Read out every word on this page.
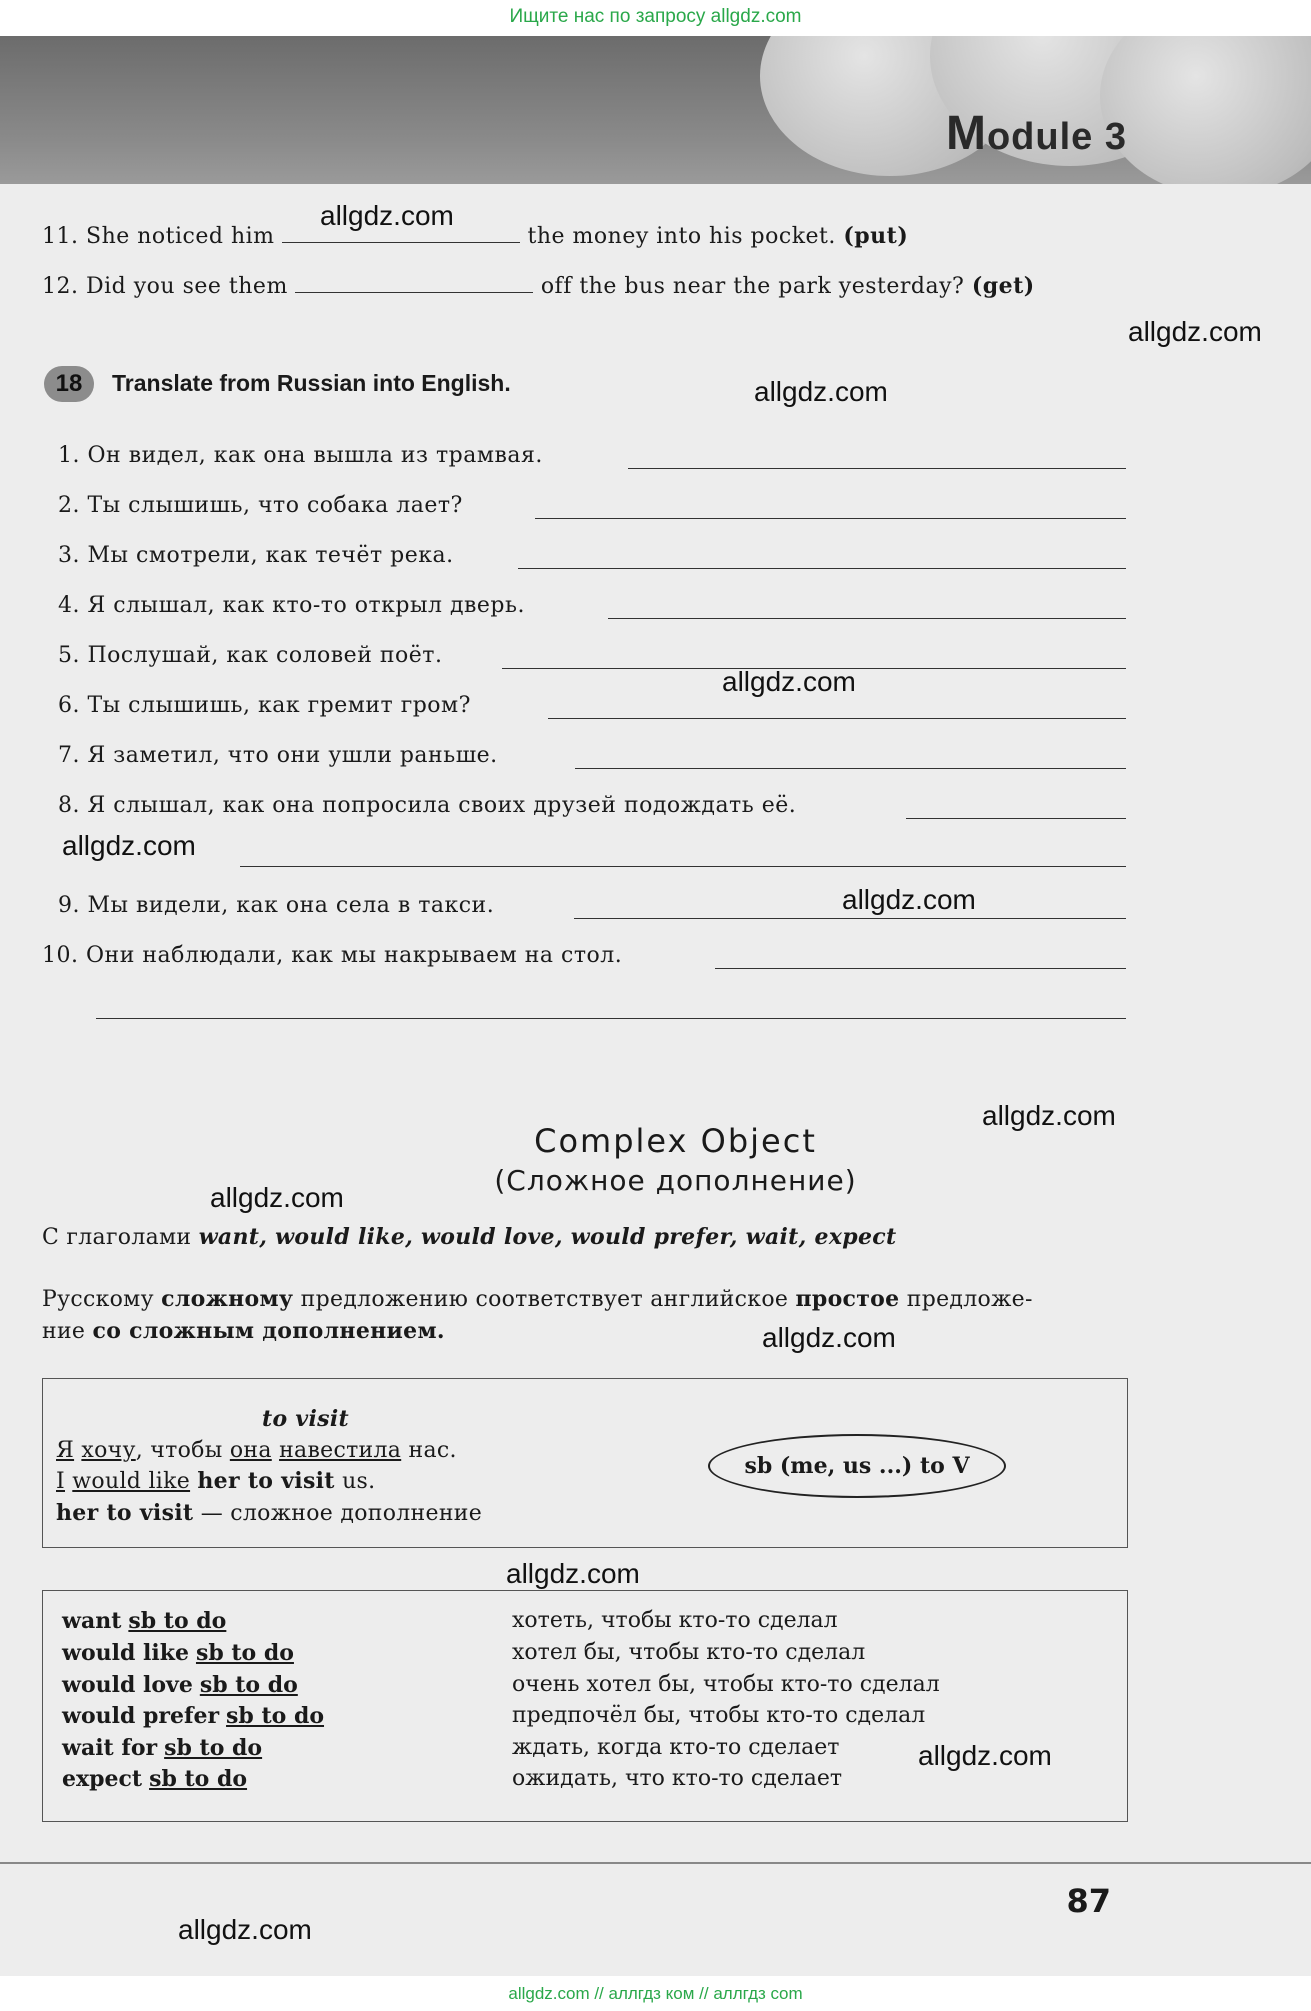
Ищите нас по запросу allgdz.com
Module 3
11. She noticed him	the money into his pocket. (put)
12. Did you see them	off the bus near the park yesterday? (get)
18	Translate from Russian into English.
1. Он видел, как она вышла из трамвая.
2. Ты слышишь, что собака лает?
3. Мы смотрели, как течёт река.
4. Я слышал, как кто-то открыл дверь.
5. Послушай, как соловей поёт.
6. Ты слышишь, как гремит гром?
7. Я заметил, что они ушли раньше.
8. Я слышал, как она попросила своих друзей подождать её.
9. Мы видели, как она села в такси.
10. Они наблюдали, как мы накрываем на стол.
Complex Object
(Сложное дополнение)
С глаголами want, would like, would love, would prefer, wait, expect
Русскому сложному предложению соответствует английское простое предложе-
ние со сложным дополнением.
to visit
Я хочу, чтобы она навестила нас.
I would like her to visit us.
her to visit — сложное дополнение
sb (me, us ...) to V
want sb to do	хотеть, чтобы кто-то сделал
would like sb to do	хотел бы, чтобы кто-то сделал
would love sb to do	очень хотел бы, чтобы кто-то сделал
would prefer sb to do	предпочёл бы, чтобы кто-то сделал
wait for sb to do	ждать, когда кто-то сделает
expect sb to do	ожидать, что кто-то сделает
87
allgdz.com
allgdz.com
allgdz.com
allgdz.com
allgdz.com
allgdz.com
allgdz.com
allgdz.com
allgdz.com
allgdz.com
allgdz.com
allgdz.com
allgdz.com // аллгдз ком // аллгдз com
